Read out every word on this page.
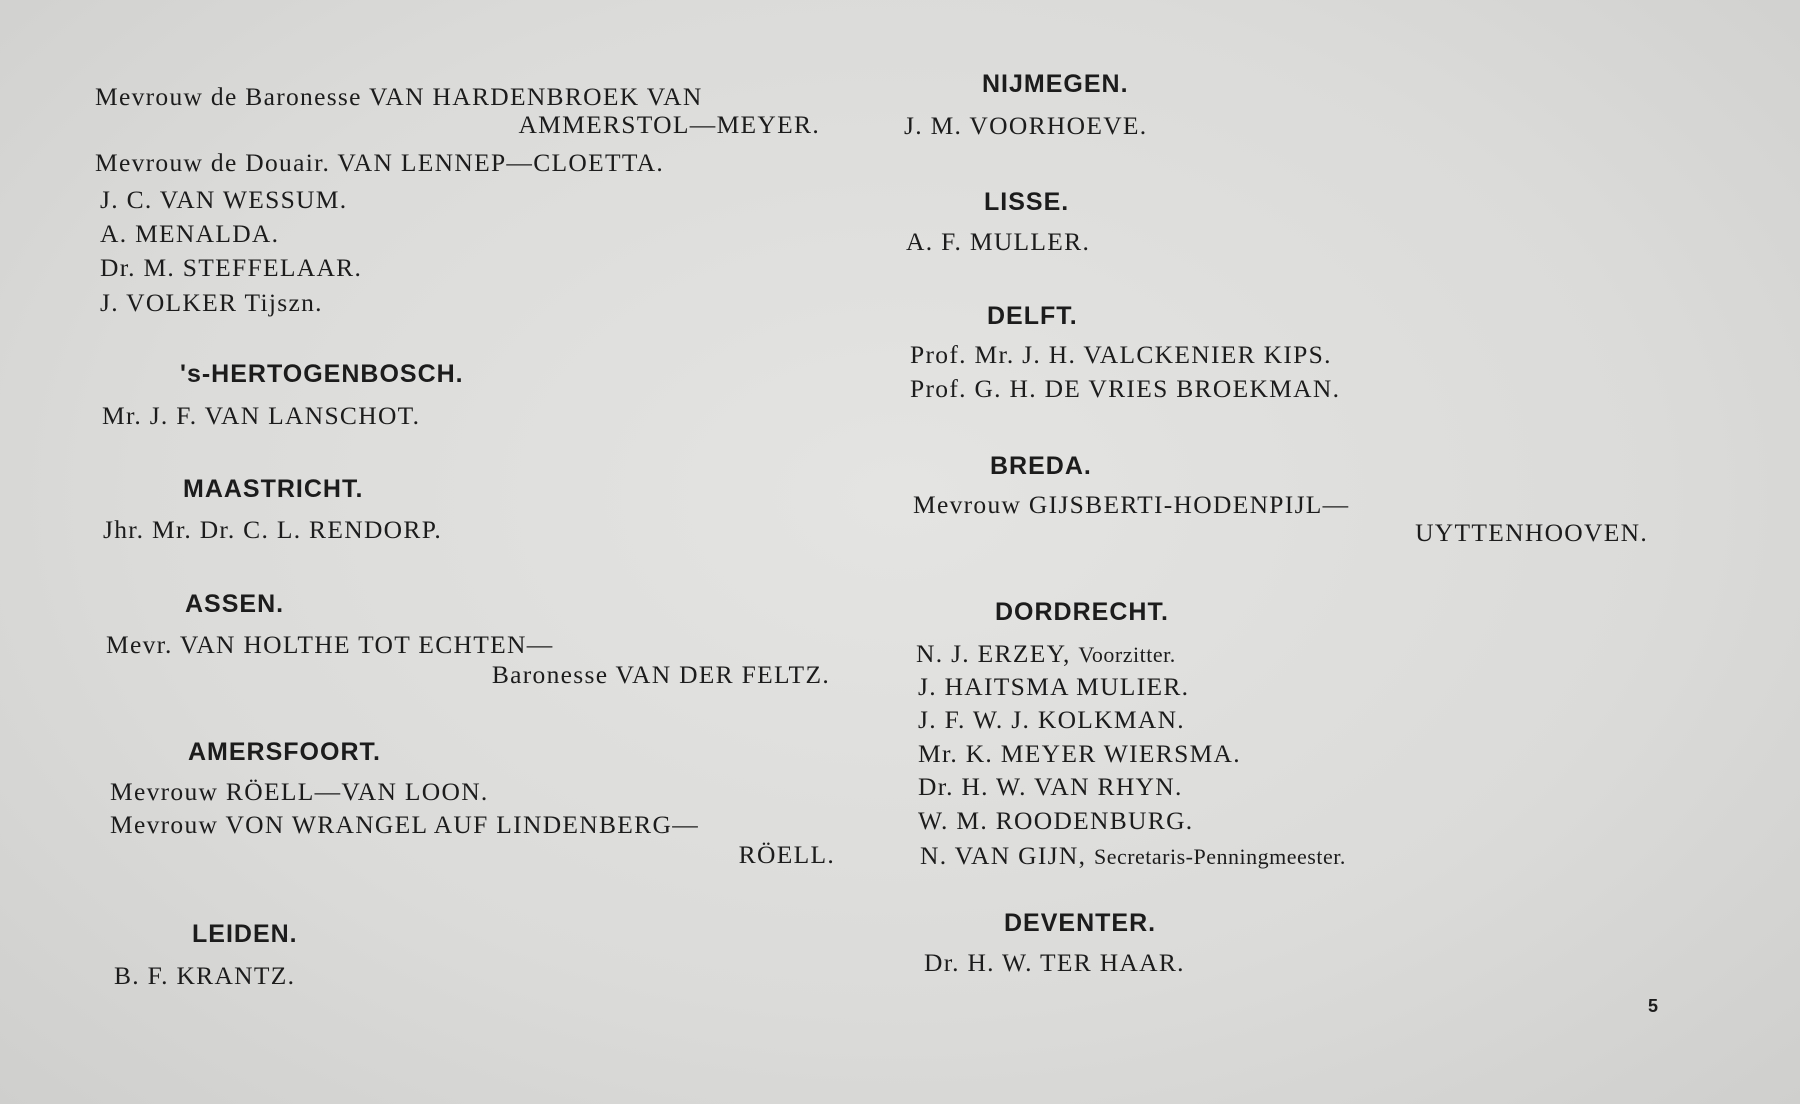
Mevrouw de Baronesse VAN HARDENBROEK VAN
AMMERSTOL—MEYER.
Mevrouw de Douair. VAN LENNEP—CLOETTA.
J. C. VAN WESSUM.
A. MENALDA.
Dr. M. STEFFELAAR.
J. VOLKER Tijszn.
's-HERTOGENBOSCH.
Mr. J. F. VAN LANSCHOT.
MAASTRICHT.
Jhr. Mr. Dr. C. L. RENDORP.
ASSEN.
Mevr. VAN HOLTHE TOT ECHTEN—
Baronesse VAN DER FELTZ.
AMERSFOORT.
Mevrouw RÖELL—VAN LOON.
Mevrouw VON WRANGEL AUF LINDENBERG—
RÖELL.
LEIDEN.
B. F. KRANTZ.
NIJMEGEN.
J. M. VOORHOEVE.
LISSE.
A. F. MULLER.
DELFT.
Prof. Mr. J. H. VALCKENIER KIPS.
Prof. G. H. DE VRIES BROEKMAN.
BREDA.
Mevrouw GIJSBERTI-HODENPIJL—
UYTTENHOOVEN.
DORDRECHT.
N. J. ERZEY, Voorzitter.
J. HAITSMA MULIER.
J. F. W. J. KOLKMAN.
Mr. K. MEYER WIERSMA.
Dr. H. W. VAN RHYN.
W. M. ROODENBURG.
N. VAN GIJN, Secretaris-Penningmeester.
DEVENTER.
Dr. H. W. TER HAAR.
5
